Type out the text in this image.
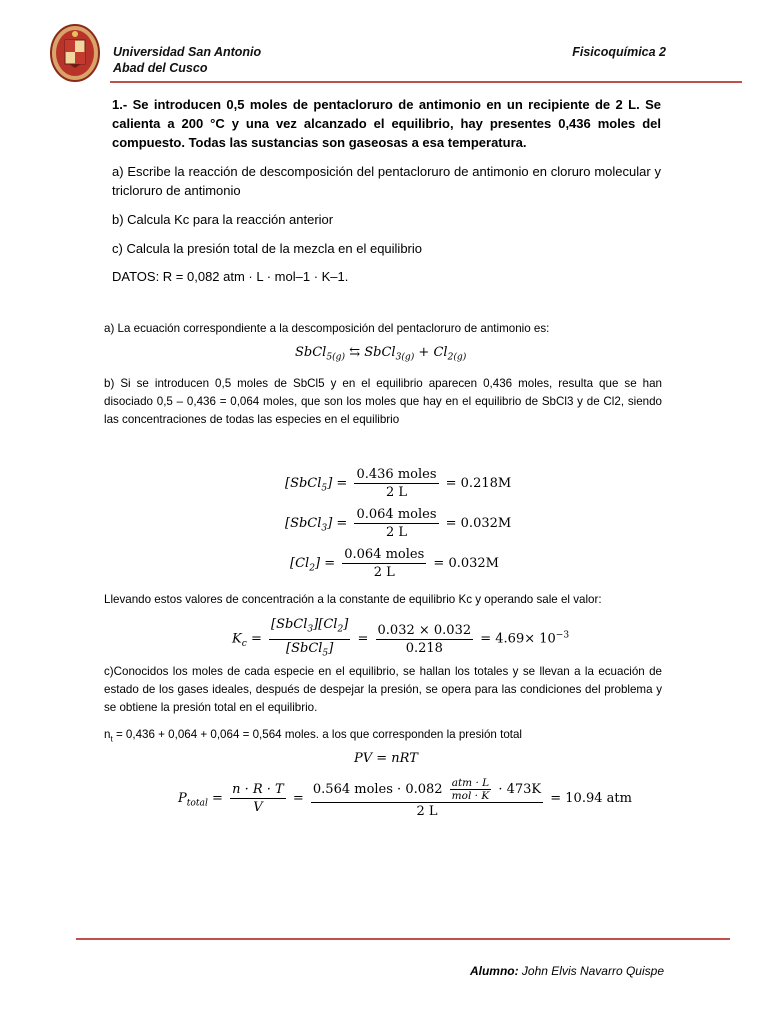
Universidad San Antonio
Abad del Cusco
Fisicoquímica 2
1.- Se introducen 0,5 moles de pentacloruro de antimonio en un recipiente de 2 L. Se calienta a 200 °C y una vez alcanzado el equilibrio, hay presentes 0,436 moles del compuesto. Todas las sustancias son gaseosas a esa temperatura.
a) Escribe la reacción de descomposición del pentacloruro de antimonio en cloruro molecular y tricloruro de antimonio
b) Calcula Kc para la reacción anterior
c) Calcula la presión total de la mezcla en el equilibrio
DATOS: R = 0,082 atm · L · mol–1 · K–1.
a) La ecuación correspondiente a la descomposición del pentacloruro de antimonio es:
SbCl$_{5(g)}$ ⇆ SbCl$_{3(g)}$ + $Cl_{2(g)}$
b) Si se introducen 0,5 moles de SbCl5 y en el equilibrio aparecen 0,436 moles, resulta que se han disociado 0,5 – 0,436 = 0,064 moles, que son los moles que hay en el equilibrio de SbCl3 y de Cl2, siendo las concentraciones de todas las especies en el equilibrio
[SbCl$_5$] = $\frac{\text{0.436 moles}}{2 L} = 0.218M$
[SbCl$_3$] = $\frac{\text{0.064 moles}}{2 L} = 0.032M$
$[Cl_2] = \frac{\text{0.064 moles}}{2 L} = 0.032M$
Llevando estos valores de concentración a la constante de equilibrio Kc y operando sale el valor:
$K_c = \frac{[SbCl_3][Cl_2]}{[SbCl_5]} = \frac{0.032 \times 0.032}{0.218} = 4.69\times 10^{-3}$
c)Conocidos los moles de cada especie en el equilibrio, se hallan los totales y se llevan a la ecuación de estado de los gases ideales, después de despejar la presión, se opera para las condiciones del problema y se obtiene la presión total en el equilibrio.
$n_t = 0,436 + 0,064 + 0,064 = 0,564$ moles. a los que corresponden la presión total
PV = nRT
$P_{total} = \frac{n \cdot R \cdot T}{V} = \frac{0.564 moles \cdot 0.082 \frac{\text{atm · L}}{\text{mol · K}} \cdot 473K}{2 L} = 10.94$ atm
Alumno: John Elvis Navarro Quispe
